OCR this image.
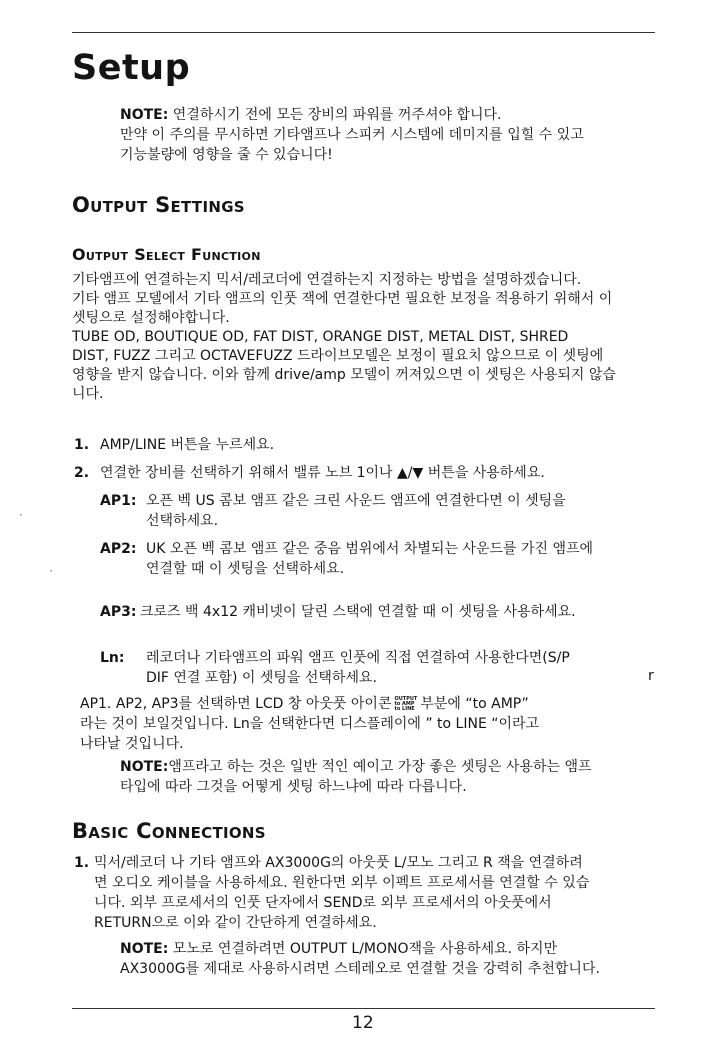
Setup
NOTE: 연결하시기 전에 모든 장비의 파워를 꺼주셔야 합니다.
만약 이 주의를 무시하면 기타앰프나 스피커 시스템에 데미지를 입힐 수 있고
기능불량에 영향을 줄 수 있습니다!
Output Settings
Output Select Function
기타앰프에 연결하는지 믹서/레코더에 연결하는지 지정하는 방법을 설명하겠습니다.
기타 앰프 모델에서 기타 앰프의 인풋 잭에 연결한다면 필요한 보정을 적용하기 위해서 이
셋팅으로 설정해야합니다.
TUBE OD, BOUTIQUE OD, FAT DIST, ORANGE DIST, METAL DIST, SHRED
DIST, FUZZ 그리고 OCTAVEFUZZ 드라이브모델은 보정이 필요치 않으므로 이 셋팅에
영향을 받지 않습니다. 이와 함께 drive/amp 모델이 꺼져있으면 이 셋팅은 사용되지 않습
니다.
1. AMP/LINE 버튼을 누르세요.
2. 연결한 장비를 선택하기 위해서 밸류 노브 1이나 ▲/▼ 버튼을 사용하세요.
AP1: 오픈 벡 US 콤보 앰프 같은 크린 사운드 앰프에 연결한다면 이 셋팅을
선택하세요.
AP2: UK 오픈 벡 콤보 앰프 같은 중음 범위에서 차별되는 사운드를 가진 앰프에
연결할 때 이 셋팅을 선택하세요.
AP3: 크로즈 백 4x12 캐비넷이 달린 스택에 연결할 때 이 셋팅을 사용하세요.
Ln: 레코더나 기타앰프의 파워 앰프 인풋에 직접 연결하여 사용한다면(S/P
DIF 연결 포함) 이 셋팅을 선택하세요.	r
AP1. AP2, AP3를 선택하면 LCD 창 아웃풋 아이콘 OUTPUT
to AMP
to LINE 부분에 “to AMP”
라는 것이 보일것입니다. Ln을 선택한다면 디스플레이에 ” to LINE “이라고
나타날 것입니다.
NOTE:앰프라고 하는 것은 일반 적인 예이고 가장 좋은 셋팅은 사용하는 앰프
타입에 따라 그것을 어떻게 셋팅 하느냐에 따라 다릅니다.
Basic Connections
1. 믹서/레코더 나 기타 앰프와 AX3000G의 아웃풋 L/모노 그리고 R 잭을 연결하려
면 오디오 케이블을 사용하세요. 원한다면 외부 이펙트 프로세서를 연결할 수 있습
니다. 외부 프로세서의 인풋 단자에서 SEND로 외부 프로세서의 아웃풋에서
RETURN으로 이와 같이 간단하게 연결하세요.
NOTE: 모노로 연결하려면 OUTPUT L/MONO잭을 사용하세요. 하지만
AX3000G를 제대로 사용하시려면 스테레오로 연결할 것을 강력히 추천합니다.
12
